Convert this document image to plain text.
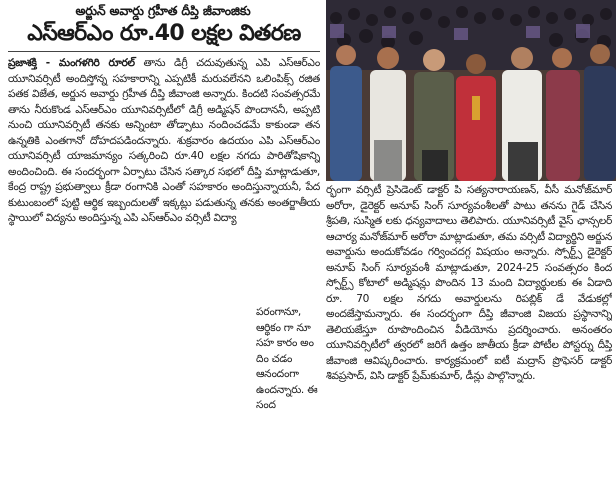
అర్జున్ అవార్డు గ్రహీత దీప్తి జీవాంజికు
ఎస్ఆర్ఎం రూ.40 లక్షల వితరణ

ప్రజాశక్తి - మంగళగిరి రూరల్ తాను డిగ్రీ చదువుతున్న ఎపి ఎస్ఆర్ఎం యూనివర్సిటీ అందిస్తోన్న సహకారాన్ని ఎప్పటికీ మరువలేనని ఒలింపిక్స్ రజిత పతక విజేత, అర్జున అవార్డు గ్రహీత దీప్తి జీవాంజి అన్నారు. కిందటి సంవత్సరమే తాను నీరుకొండ ఎస్ఆర్ఎం యూనివర్సిటీలో డిగ్రీ అడ్మిషన్ పొందాననీ, అప్పటి నుంచి యూనివర్సిటీ తనకు అన్నింటా తోడ్పాటు నందించడమే కాకుండా తన ఉన్నతికి ఎంతగానో దోహదపడిందన్నారు. శుక్రవారం ఉదయం ఎపి ఎస్ఆర్ఎం యూనివర్సిటీ యాజమాన్యం సత్కరించి రూ.40 లక్షల నగదు పారితోషికాన్ని అందించింది. ఈ సందర్భంగా ఏర్పాటు చేసిన సత్కార సభలో దీప్తి మాట్లాడుతూ, కేంద్ర రాష్ట్ర ప్రభుత్వాలు క్రీడా రంగానికి ఎంతో సహకారం అందిస్తున్నాయనీ, పేద కుటుంబంలో పుట్టి ఆర్థిక ఇబ్బందులతో ఇక్కట్లు పడుతున్న తనకు అంతర్జాతీయ స్థాయిలో విద్యను అందిస్తున్న ఎపి ఎస్ఆర్ఎం వర్సిటీ విద్యా

పరంగానూ, ఆర్థికం గా నూ సహ కారం అం దిం చడం ఆనందంగా ఉందన్నారు. ఈ సంద
ర్భంగా వర్సిటీ ప్రెసిడెంట్ డాక్టర్ పి సత్యనారాయణన్, వీసీ మనోజ్‌మార్ అరోరా, డైరెక్టర్ అనూప్ సింగ్ సూర్యవంశీలతో పాటు తనను గైడ్ చేసిన శ్రీపతి, సుస్మిత లకు ధన్యవాదాలు తెలిపారు. యూనివర్సిటీ వైస్ ఛాన్సలర్ ఆచార్య మనోజ్‌మార్ అరోరా మాట్లాడుతూ, తమ వర్సిటీ విద్యార్థిని అర్జున అవార్డును అందుకోవడం గర్వించదగ్గ విషయం అన్నారు. స్పోర్ట్స్ డైరెక్టర్ అనూప్ సింగ్ సూర్యవంశీ మాట్లాడుతూ, 2024-25 సంవత్సరం కింద స్పోర్ట్స్ కోటాలో అడ్మిషన్లు పొందిన 13 మంది విద్యార్థులకు ఈ ఏడాది రూ. 70 లక్షల నగదు అవార్డులను రిపబ్లిక్ డే వేడుకల్లో అందజేస్తామన్నారు. ఈ సందర్భంగా దీప్తి జీవాంజి విజయ ప్రస్థానాన్ని తెలియజేస్తూ రూపొందించిన వీడియోను ప్రదర్శించారు. అనంతరం యూనివర్సిటీలో త్వరలో జరిగే ఉత్తం జాతీయ క్రీడా పోటీల పోస్టర్ను దీప్తి జీవాంజి ఆవిష్కరించారు. కార్యక్రమంలో ఐటీ మద్రాస్ ప్రొఫెసర్ డాక్టర్ శివప్రసాద్, విసి డాక్టర్ ప్రేమ్‌కుమార్, డీన్లు పాల్గొన్నారు.
